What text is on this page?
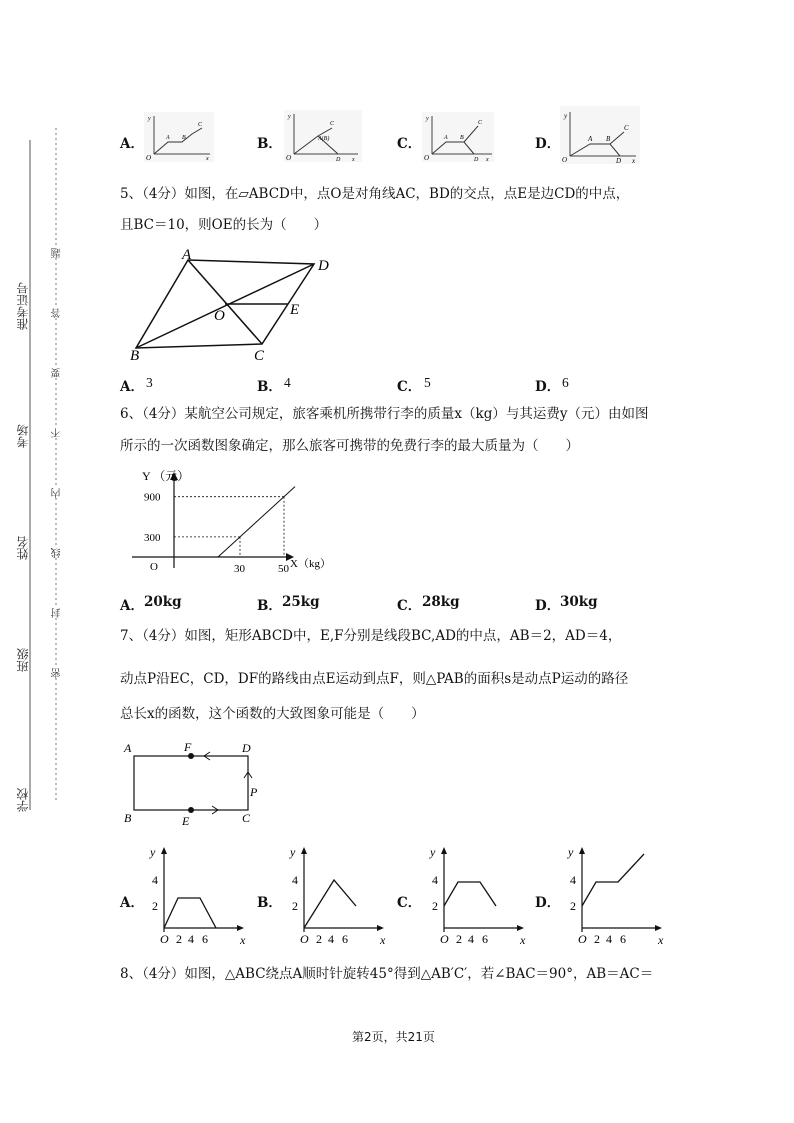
准考证号
考场
姓名
班级
学校
题
答
要
不
内
线
封
密
A．	B．	C．	D．
O
A B
C
x
y
O
A(B)
C
D x
y
O
A B
C
D x
y
O
A B
C
D x
y
5、（4分）如图，在▱ABCD中，点O是对角线AC，BD的交点，点E是边CD的中点，
且BC＝10，则OE的长为（　　）
A
D
E
O
B	C
A． 3	B． 4	C． 5	D． 6
6、（4分）某航空公司规定，旅客乘机所携带行李的质量x（kg）与其运费y（元）由如图
所示的一次函数图象确定，那么旅客可携带的免费行李的最大质量为（　　）
Y （元）
X（kg）
O
900
300
30	50
A． 20kg	B． 25kg	C． 28kg	D． 30kg
7、（4分）如图，矩形ABCD中，E,F分别是线段BC,AD的中点，AB＝2，AD＝4，
动点P沿EC，CD，DF的路线由点E运动到点F，则△PAB的面积s是动点P运动的路径
总长x的函数，这个函数的大致图象可能是（　　）
A	F	D
P
B	E	C
A．	B．	C．	D．
y
x
O 2 4 6
2
4
y
x
O 2 4 6
2
4
y
x
O 2 4 6
2
4
y
x
O 2 4 6
2
4
8、（4分）如图，△ABC绕点A顺时针旋转45°得到△AB′C′，若∠BAC＝90°，AB＝AC＝
第2页，共21页
